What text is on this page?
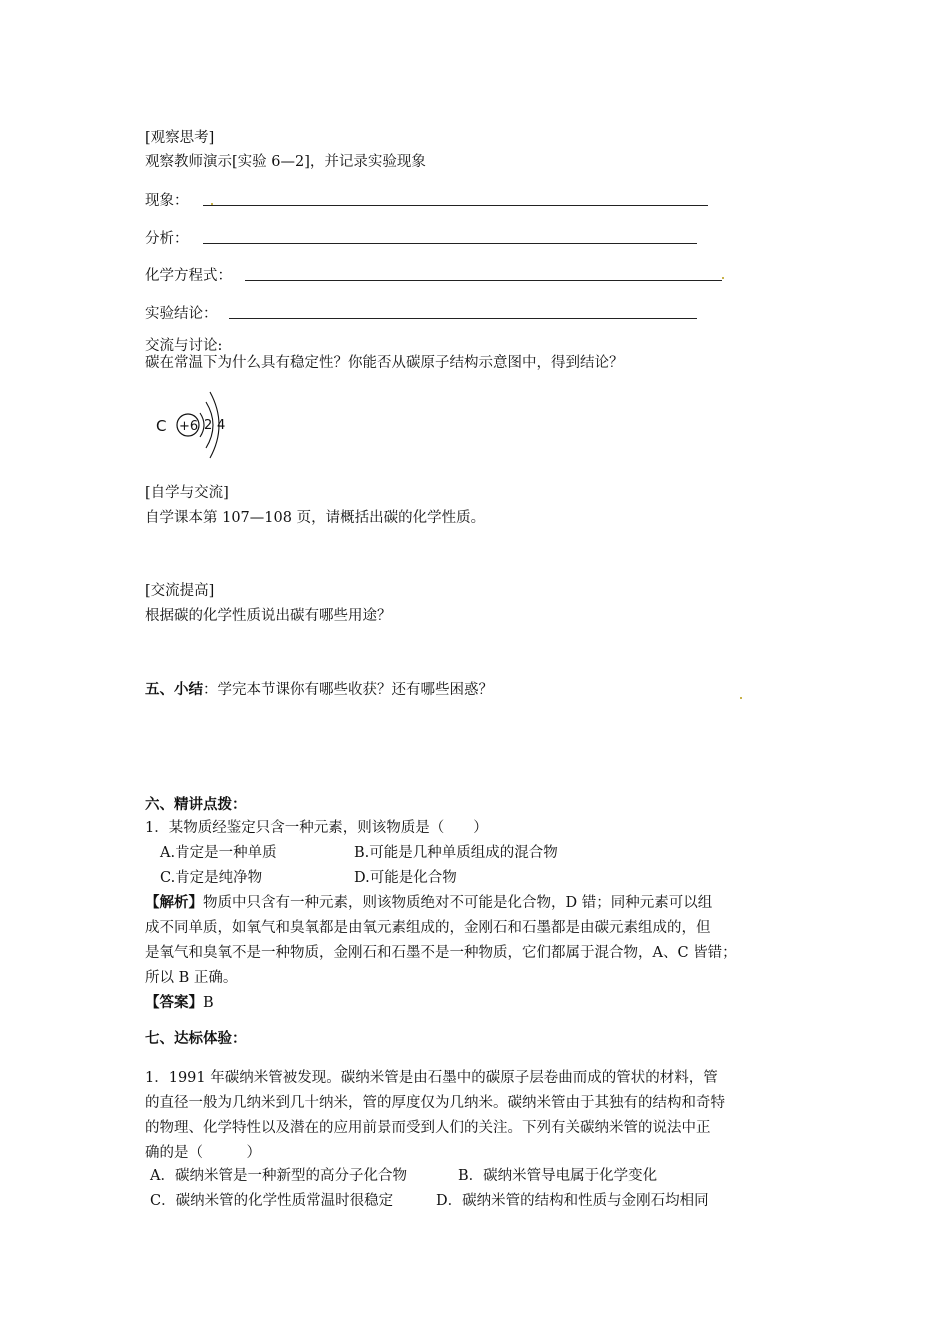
[观察思考]
观察教师演示[实验 6—2]，并记录实验现象
现象：
分析：
化学方程式：
实验结论：
交流与讨论:
碳在常温下为什么具有稳定性？你能否从碳原子结构示意图中，得到结论？
C +6 2 4
[自学与交流]
自学课本第 107—108 页，请概括出碳的化学性质。
[交流提高]
根据碳的化学性质说出碳有哪些用途？
五、小结：学完本节课你有哪些收获？还有哪些困惑？
六、精讲点拨：
1．某物质经鉴定只含一种元素，则该物质是（　　）
A.肯定是一种单质	B.可能是几种单质组成的混合物
C.肯定是纯净物	D.可能是化合物
【解析】物质中只含有一种元素，则该物质绝对不可能是化合物，D 错；同种元素可以组
成不同单质，如氧气和臭氧都是由氧元素组成的，金刚石和石墨都是由碳元素组成的，但
是氧气和臭氧不是一种物质，金刚石和石墨不是一种物质，它们都属于混合物，A、C 皆错；
所以 B 正确。
【答案】B
七、达标体验：
1．1991 年碳纳米管被发现。碳纳米管是由石墨中的碳原子层卷曲而成的管状的材料，管
的直径一般为几纳米到几十纳米，管的厚度仅为几纳米。碳纳米管由于其独有的结构和奇特
的物理、化学特性以及潜在的应用前景而受到人们的关注。下列有关碳纳米管的说法中正
确的是（　　　）
A．碳纳米管是一种新型的高分子化合物	B．碳纳米管导电属于化学变化
C．碳纳米管的化学性质常温时很稳定	D．碳纳米管的结构和性质与金刚石均相同
